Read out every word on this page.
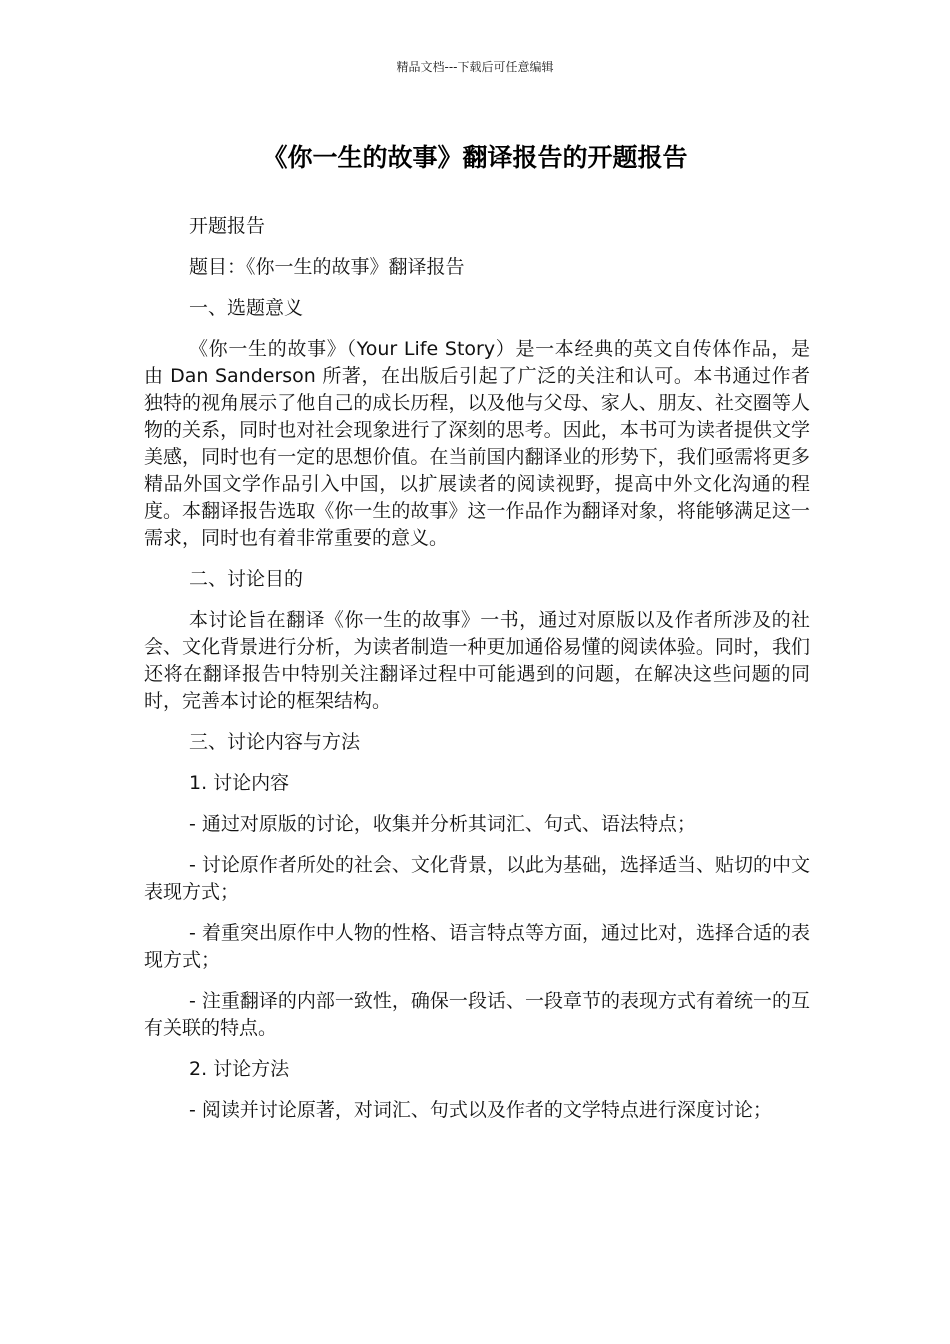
精品文档---下载后可任意编辑
《你一生的故事》翻译报告的开题报告

开题报告

题目：《你一生的故事》翻译报告

一、选题意义

《你一生的故事》（Your Life Story）是一本经典的英文自传体作品，是由 Dan Sanderson 所著，在出版后引起了广泛的关注和认可。本书通过作者独特的视角展示了他自己的成长历程，以及他与父母、家人、朋友、社交圈等人物的关系，同时也对社会现象进行了深刻的思考。因此，本书可为读者提供文学美感，同时也有一定的思想价值。在当前国内翻译业的形势下，我们亟需将更多精品外国文学作品引入中国，以扩展读者的阅读视野，提高中外文化沟通的程度。本翻译报告选取《你一生的故事》这一作品作为翻译对象，将能够满足这一需求，同时也有着非常重要的意义。

二、讨论目的

本讨论旨在翻译《你一生的故事》一书，通过对原版以及作者所涉及的社会、文化背景进行分析，为读者制造一种更加通俗易懂的阅读体验。同时，我们还将在翻译报告中特别关注翻译过程中可能遇到的问题，在解决这些问题的同时，完善本讨论的框架结构。

三、讨论内容与方法

1. 讨论内容

- 通过对原版的讨论，收集并分析其词汇、句式、语法特点；

- 讨论原作者所处的社会、文化背景，以此为基础，选择适当、贴切的中文表现方式；

- 着重突出原作中人物的性格、语言特点等方面，通过比对，选择合适的表现方式；

- 注重翻译的内部一致性，确保一段话、一段章节的表现方式有着统一的互有关联的特点。

2. 讨论方法

- 阅读并讨论原著，对词汇、句式以及作者的文学特点进行深度讨论；
